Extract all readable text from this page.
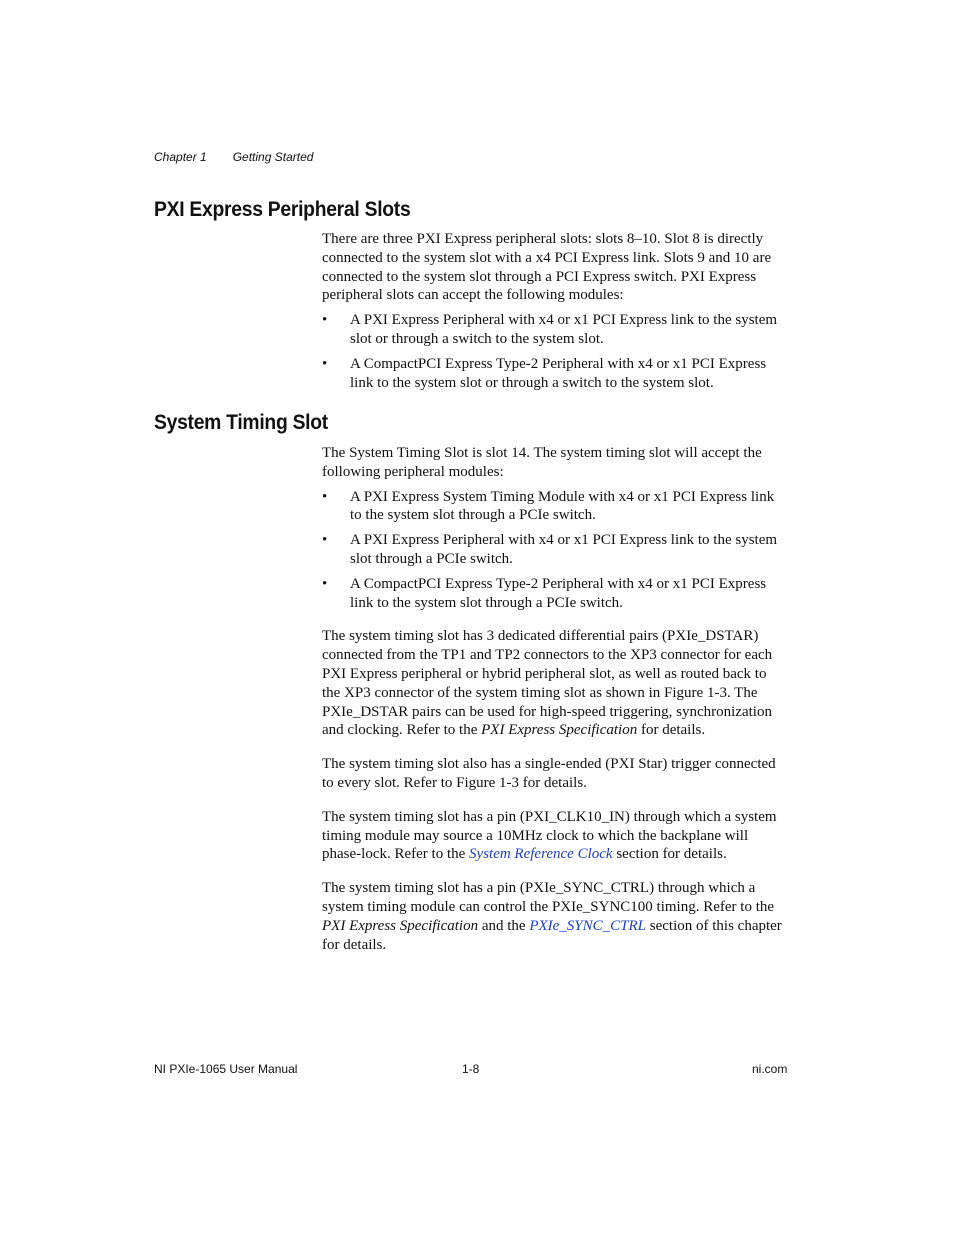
Chapter 1 Getting Started
PXI Express Peripheral Slots

There are three PXI Express peripheral slots: slots 8–10. Slot 8 is directly connected to the system slot with a x4 PCI Express link. Slots 9 and 10 are connected to the system slot through a PCI Express switch. PXI Express peripheral slots can accept the following modules:

• A PXI Express Peripheral with x4 or x1 PCI Express link to the system slot or through a switch to the system slot.
• A CompactPCI Express Type-2 Peripheral with x4 or x1 PCI Express link to the system slot or through a switch to the system slot.
System Timing Slot

The System Timing Slot is slot 14. The system timing slot will accept the following peripheral modules:

• A PXI Express System Timing Module with x4 or x1 PCI Express link to the system slot through a PCIe switch.
• A PXI Express Peripheral with x4 or x1 PCI Express link to the system slot through a PCIe switch.
• A CompactPCI Express Type-2 Peripheral with x4 or x1 PCI Express link to the system slot through a PCIe switch.

The system timing slot has 3 dedicated differential pairs (PXIe_DSTAR) connected from the TP1 and TP2 connectors to the XP3 connector for each PXI Express peripheral or hybrid peripheral slot, as well as routed back to the XP3 connector of the system timing slot as shown in Figure 1-3. The PXIe_DSTAR pairs can be used for high-speed triggering, synchronization and clocking. Refer to the PXI Express Specification for details.

The system timing slot also has a single-ended (PXI Star) trigger connected to every slot. Refer to Figure 1-3 for details.

The system timing slot has a pin (PXI_CLK10_IN) through which a system timing module may source a 10MHz clock to which the backplane will phase-lock. Refer to the System Reference Clock section for details.

The system timing slot has a pin (PXIe_SYNC_CTRL) through which a system timing module can control the PXIe_SYNC100 timing. Refer to the PXI Express Specification and the PXIe_SYNC_CTRL section of this chapter for details.

NI PXIe-1065 User Manual	1-8	ni.com
